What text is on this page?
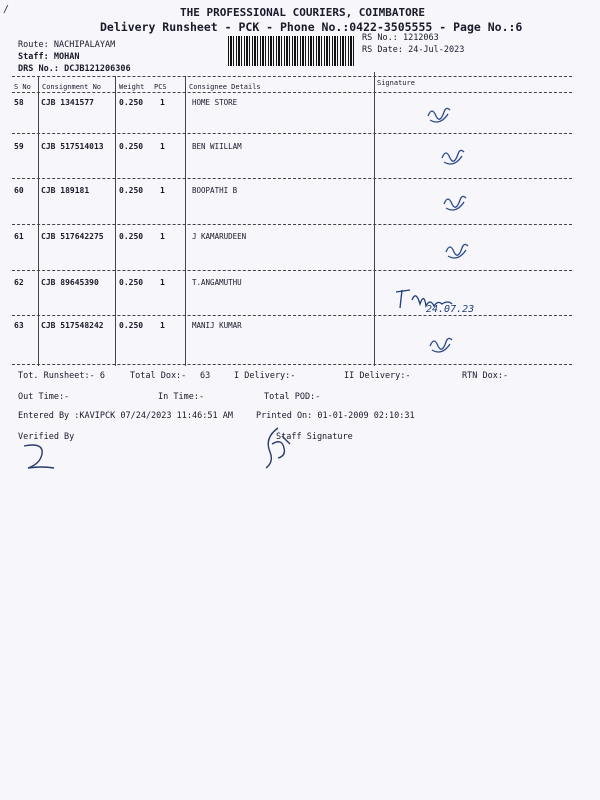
THE PROFESSIONAL COURIERS, COIMBATORE
Delivery Runsheet - PCK - Phone No.:0422-3505555 - Page No.:6
Route: NACHIPALAYAM
Staff: MOHAN
DRS No.: DCJB121206306
RS No.: 1212063
RS Date: 24-Jul-2023
S No Consignment No	Weight PCS	Consignee Details	Signature
58 CJB 1341577	0.250 1	HOME STORE
59 CJB 517514013 0.250 1	BEN WIILLAM
60 CJB 189181	0.250 1	BOOPATHI B
61 CJB 517642275 0.250 1	J KAMARUDEEN
62 CJB 89645390	0.250 1	T.ANGAMUTHU
63 CJB 517548242 0.250 1	MANIJ KUMAR
24.07.23
Tot. Runsheet:- 6	Total Dox:- 63	I Delivery:-	II Delivery:-	RTN Dox:-
Out Time:-	In Time:-	Total POD:-
Entered By :KAVIPCK 07/24/2023 11:46:51 AM	Printed On: 01-01-2009 02:10:31
Verified By	Staff Signature
/
